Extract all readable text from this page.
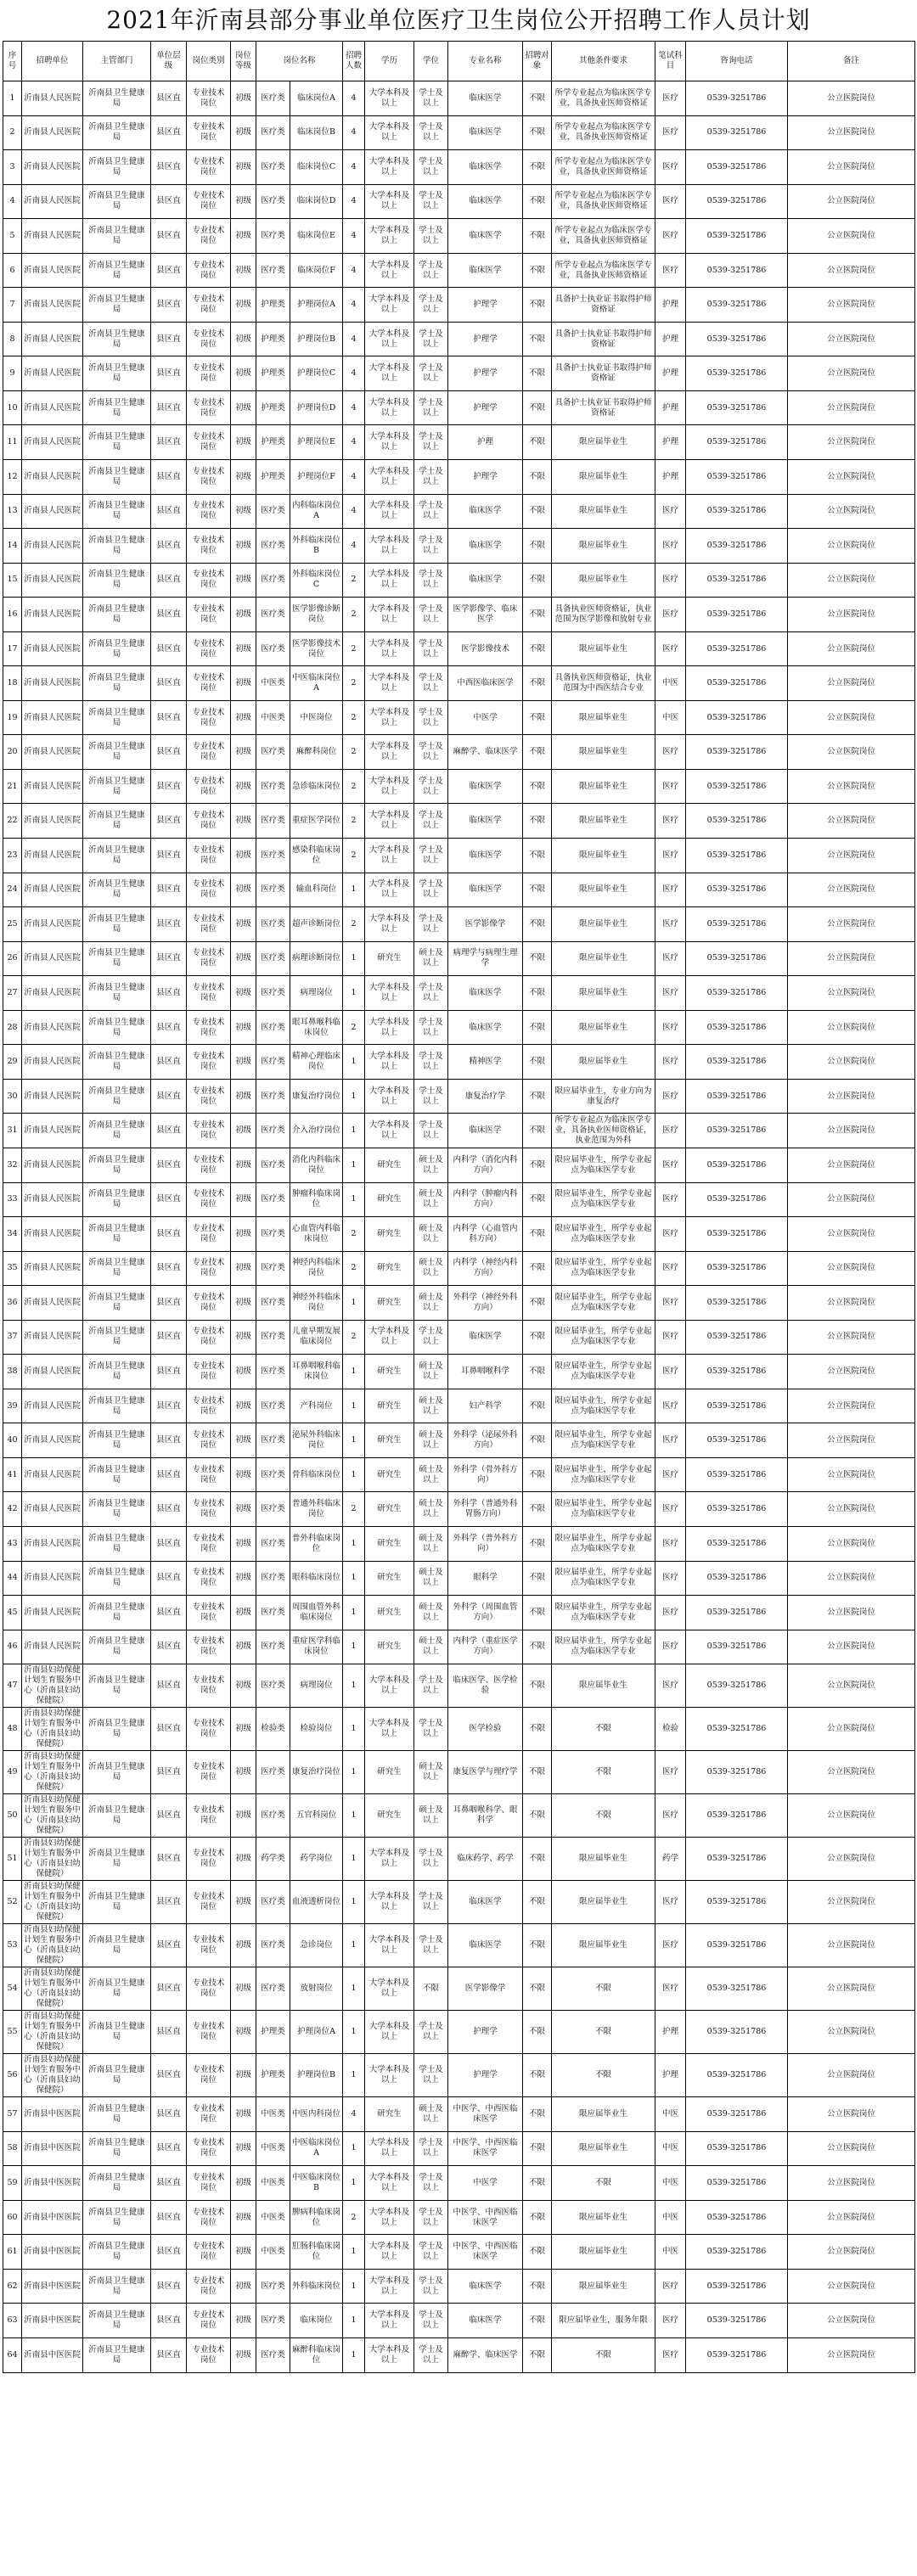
2021年沂南县部分事业单位医疗卫生岗位公开招聘工作人员计划
序号	招聘单位	主管部门	单位层级	岗位类别	岗位等级	岗位名称		招聘人数	学历	学位	专业名称	招聘对象	其他条件要求	笔试科目	咨询电话	备注
1	沂南县人民医院	沂南县卫生健康局	县区直	专业技术岗位	初级	医疗类	临床岗位A	4	大学本科及以上	学士及以上	临床医学	不限	所学专业起点为临床医学专业，具备执业医师资格证	医疗	0539-3251786	公立医院岗位
2	沂南县人民医院	沂南县卫生健康局	县区直	专业技术岗位	初级	医疗类	临床岗位B	4	大学本科及以上	学士及以上	临床医学	不限	所学专业起点为临床医学专业，具备执业医师资格证	医疗	0539-3251786	公立医院岗位
3	沂南县人民医院	沂南县卫生健康局	县区直	专业技术岗位	初级	医疗类	临床岗位C	4	大学本科及以上	学士及以上	临床医学	不限	所学专业起点为临床医学专业，具备执业医师资格证	医疗	0539-3251786	公立医院岗位
4	沂南县人民医院	沂南县卫生健康局	县区直	专业技术岗位	初级	医疗类	临床岗位D	4	大学本科及以上	学士及以上	临床医学	不限	所学专业起点为临床医学专业，具备执业医师资格证	医疗	0539-3251786	公立医院岗位
5	沂南县人民医院	沂南县卫生健康局	县区直	专业技术岗位	初级	医疗类	临床岗位E	4	大学本科及以上	学士及以上	临床医学	不限	所学专业起点为临床医学专业，具备执业医师资格证	医疗	0539-3251786	公立医院岗位
6	沂南县人民医院	沂南县卫生健康局	县区直	专业技术岗位	初级	医疗类	临床岗位F	4	大学本科及以上	学士及以上	临床医学	不限	所学专业起点为临床医学专业，具备执业医师资格证	医疗	0539-3251786	公立医院岗位
7	沂南县人民医院	沂南县卫生健康局	县区直	专业技术岗位	初级	护理类	护理岗位A	4	大学本科及以上	学士及以上	护理学	不限	具备护士执业证书取得护师资格证	护理	0539-3251786	公立医院岗位
8	沂南县人民医院	沂南县卫生健康局	县区直	专业技术岗位	初级	护理类	护理岗位B	4	大学本科及以上	学士及以上	护理学	不限	具备护士执业证书取得护师资格证	护理	0539-3251786	公立医院岗位
9	沂南县人民医院	沂南县卫生健康局	县区直	专业技术岗位	初级	护理类	护理岗位C	4	大学本科及以上	学士及以上	护理学	不限	具备护士执业证书取得护师资格证	护理	0539-3251786	公立医院岗位
10	沂南县人民医院	沂南县卫生健康局	县区直	专业技术岗位	初级	护理类	护理岗位D	4	大学本科及以上	学士及以上	护理学	不限	具备护士执业证书取得护师资格证	护理	0539-3251786	公立医院岗位
11	沂南县人民医院	沂南县卫生健康局	县区直	专业技术岗位	初级	护理类	护理岗位E	4	大学本科及以上	学士及以上	护理	不限	限应届毕业生	护理	0539-3251786	公立医院岗位
12	沂南县人民医院	沂南县卫生健康局	县区直	专业技术岗位	初级	护理类	护理岗位F	4	大学本科及以上	学士及以上	护理学	不限	限应届毕业生	护理	0539-3251786	公立医院岗位
13	沂南县人民医院	沂南县卫生健康局	县区直	专业技术岗位	初级	医疗类	内科临床岗位A	4	大学本科及以上	学士及以上	临床医学	不限	限应届毕业生	医疗	0539-3251786	公立医院岗位
14	沂南县人民医院	沂南县卫生健康局	县区直	专业技术岗位	初级	医疗类	外科临床岗位B	4	大学本科及以上	学士及以上	临床医学	不限	限应届毕业生	医疗	0539-3251786	公立医院岗位
15	沂南县人民医院	沂南县卫生健康局	县区直	专业技术岗位	初级	医疗类	外科临床岗位C	2	大学本科及以上	学士及以上	临床医学	不限	限应届毕业生	医疗	0539-3251786	公立医院岗位
16	沂南县人民医院	沂南县卫生健康局	县区直	专业技术岗位	初级	医疗类	医学影像诊断岗位	2	大学本科及以上	学士及以上	医学影像学、临床医学	不限	具备执业医师资格证，执业范围为医学影像和放射专业	医疗	0539-3251786	公立医院岗位
17	沂南县人民医院	沂南县卫生健康局	县区直	专业技术岗位	初级	医疗类	医学影像技术岗位	2	大学本科及以上	学士及以上	医学影像技术	不限	限应届毕业生	医疗	0539-3251786	公立医院岗位
18	沂南县人民医院	沂南县卫生健康局	县区直	专业技术岗位	初级	中医类	中医临床岗位A	2	大学本科及以上	学士及以上	中西医临床医学	不限	具备执业医师资格证，执业范围为中西医结合专业	中医	0539-3251786	公立医院岗位
19	沂南县人民医院	沂南县卫生健康局	县区直	专业技术岗位	初级	中医类	中医岗位	2	大学本科及以上	学士及以上	中医学	不限	限应届毕业生	中医	0539-3251786	公立医院岗位
20	沂南县人民医院	沂南县卫生健康局	县区直	专业技术岗位	初级	医疗类	麻醉科岗位	2	大学本科及以上	学士及以上	麻醉学、临床医学	不限	限应届毕业生	医疗	0539-3251786	公立医院岗位
21	沂南县人民医院	沂南县卫生健康局	县区直	专业技术岗位	初级	医疗类	急诊临床岗位	2	大学本科及以上	学士及以上	临床医学	不限	限应届毕业生	医疗	0539-3251786	公立医院岗位
22	沂南县人民医院	沂南县卫生健康局	县区直	专业技术岗位	初级	医疗类	重症医学岗位	2	大学本科及以上	学士及以上	临床医学	不限	限应届毕业生	医疗	0539-3251786	公立医院岗位
23	沂南县人民医院	沂南县卫生健康局	县区直	专业技术岗位	初级	医疗类	感染科临床岗位	2	大学本科及以上	学士及以上	临床医学	不限	限应届毕业生	医疗	0539-3251786	公立医院岗位
24	沂南县人民医院	沂南县卫生健康局	县区直	专业技术岗位	初级	医疗类	输血科岗位	1	大学本科及以上	学士及以上	临床医学	不限	限应届毕业生	医疗	0539-3251786	公立医院岗位
25	沂南县人民医院	沂南县卫生健康局	县区直	专业技术岗位	初级	医疗类	超声诊断岗位	2	大学本科及以上	学士及以上	医学影像学	不限	限应届毕业生	医疗	0539-3251786	公立医院岗位
26	沂南县人民医院	沂南县卫生健康局	县区直	专业技术岗位	初级	医疗类	病理诊断岗位	1	研究生	硕士及以上	病理学与病理生理学	不限	限应届毕业生	医疗	0539-3251786	公立医院岗位
27	沂南县人民医院	沂南县卫生健康局	县区直	专业技术岗位	初级	医疗类	病理岗位	1	大学本科及以上	学士及以上	临床医学	不限	限应届毕业生	医疗	0539-3251786	公立医院岗位
28	沂南县人民医院	沂南县卫生健康局	县区直	专业技术岗位	初级	医疗类	眼耳鼻喉科临床岗位	2	大学本科及以上	学士及以上	临床医学	不限	限应届毕业生	医疗	0539-3251786	公立医院岗位
29	沂南县人民医院	沂南县卫生健康局	县区直	专业技术岗位	初级	医疗类	精神心理临床岗位	1	大学本科及以上	学士及以上	精神医学	不限	限应届毕业生	医疗	0539-3251786	公立医院岗位
30	沂南县人民医院	沂南县卫生健康局	县区直	专业技术岗位	初级	医疗类	康复治疗岗位	1	大学本科及以上	学士及以上	康复治疗学	不限	限应届毕业生，专业方向为康复治疗	医疗	0539-3251786	公立医院岗位
31	沂南县人民医院	沂南县卫生健康局	县区直	专业技术岗位	初级	医疗类	介入治疗岗位	1	大学本科及以上	学士及以上	临床医学	不限	所学专业起点为临床医学专业，具备执业医师资格证，执业范围为外科	医疗	0539-3251786	公立医院岗位
32	沂南县人民医院	沂南县卫生健康局	县区直	专业技术岗位	初级	医疗类	消化内科临床岗位	1	研究生	硕士及以上	内科学（消化内科方向）	不限	限应届毕业生，所学专业起点为临床医学专业	医疗	0539-3251786	公立医院岗位
33	沂南县人民医院	沂南县卫生健康局	县区直	专业技术岗位	初级	医疗类	肿瘤科临床岗位	1	研究生	硕士及以上	内科学（肿瘤内科方向）	不限	限应届毕业生，所学专业起点为临床医学专业	医疗	0539-3251786	公立医院岗位
34	沂南县人民医院	沂南县卫生健康局	县区直	专业技术岗位	初级	医疗类	心血管内科临床岗位	2	研究生	硕士及以上	内科学（心血管内科方向）	不限	限应届毕业生，所学专业起点为临床医学专业	医疗	0539-3251786	公立医院岗位
35	沂南县人民医院	沂南县卫生健康局	县区直	专业技术岗位	初级	医疗类	神经内科临床岗位	2	研究生	硕士及以上	内科学（神经内科方向）	不限	限应届毕业生，所学专业起点为临床医学专业	医疗	0539-3251786	公立医院岗位
36	沂南县人民医院	沂南县卫生健康局	县区直	专业技术岗位	初级	医疗类	神经外科临床岗位	1	研究生	硕士及以上	外科学（神经外科方向）	不限	限应届毕业生，所学专业起点为临床医学专业	医疗	0539-3251786	公立医院岗位
37	沂南县人民医院	沂南县卫生健康局	县区直	专业技术岗位	初级	医疗类	儿童早期发展临床岗位	2	大学本科及以上	学士及以上	临床医学	不限	限应届毕业生，所学专业起点为临床医学专业	医疗	0539-3251786	公立医院岗位
38	沂南县人民医院	沂南县卫生健康局	县区直	专业技术岗位	初级	医疗类	耳鼻咽喉科临床岗位	1	研究生	硕士及以上	耳鼻咽喉科学	不限	限应届毕业生，所学专业起点为临床医学专业	医疗	0539-3251786	公立医院岗位
39	沂南县人民医院	沂南县卫生健康局	县区直	专业技术岗位	初级	医疗类	产科岗位	1	研究生	硕士及以上	妇产科学	不限	限应届毕业生，所学专业起点为临床医学专业	医疗	0539-3251786	公立医院岗位
40	沂南县人民医院	沂南县卫生健康局	县区直	专业技术岗位	初级	医疗类	泌尿外科临床岗位	1	研究生	硕士及以上	外科学（泌尿外科方向）	不限	限应届毕业生，所学专业起点为临床医学专业	医疗	0539-3251786	公立医院岗位
41	沂南县人民医院	沂南县卫生健康局	县区直	专业技术岗位	初级	医疗类	骨科临床岗位	1	研究生	硕士及以上	外科学（骨外科方向）	不限	限应届毕业生，所学专业起点为临床医学专业	医疗	0539-3251786	公立医院岗位
42	沂南县人民医院	沂南县卫生健康局	县区直	专业技术岗位	初级	医疗类	普通外科临床岗位	2	研究生	硕士及以上	外科学（普通外科胃肠方向）	不限	限应届毕业生，所学专业起点为临床医学专业	医疗	0539-3251786	公立医院岗位
43	沂南县人民医院	沂南县卫生健康局	县区直	专业技术岗位	初级	医疗类	普外科临床岗位	1	研究生	硕士及以上	外科学（普外科方向）	不限	限应届毕业生，所学专业起点为临床医学专业	医疗	0539-3251786	公立医院岗位
44	沂南县人民医院	沂南县卫生健康局	县区直	专业技术岗位	初级	医疗类	眼科临床岗位	1	研究生	硕士及以上	眼科学	不限	限应届毕业生，所学专业起点为临床医学专业	医疗	0539-3251786	公立医院岗位
45	沂南县人民医院	沂南县卫生健康局	县区直	专业技术岗位	初级	医疗类	周围血管外科临床岗位	1	研究生	硕士及以上	外科学（周围血管方向）	不限	限应届毕业生，所学专业起点为临床医学专业	医疗	0539-3251786	公立医院岗位
46	沂南县人民医院	沂南县卫生健康局	县区直	专业技术岗位	初级	医疗类	重症医学科临床岗位	1	研究生	硕士及以上	内科学（重症医学方向）	不限	限应届毕业生，所学专业起点为临床医学专业	医疗	0539-3251786	公立医院岗位
47	沂南县妇幼保健计划生育服务中心（沂南县妇幼保健院）	沂南县卫生健康局	县区直	专业技术岗位	初级	医疗类	病理岗位	1	大学本科及以上	学士及以上	临床医学、医学检验	不限	限应届毕业生	医疗	0539-3251786	公立医院岗位
48	沂南县妇幼保健计划生育服务中心（沂南县妇幼保健院）	沂南县卫生健康局	县区直	专业技术岗位	初级	检验类	检验岗位	1	大学本科及以上	学士及以上	医学检验	不限	不限	检验	0539-3251786	公立医院岗位
49	沂南县妇幼保健计划生育服务中心（沂南县妇幼保健院）	沂南县卫生健康局	县区直	专业技术岗位	初级	医疗类	康复治疗岗位	1	研究生	硕士及以上	康复医学与理疗学	不限	不限	医疗	0539-3251786	公立医院岗位
50	沂南县妇幼保健计划生育服务中心（沂南县妇幼保健院）	沂南县卫生健康局	县区直	专业技术岗位	初级	医疗类	五官科岗位	1	研究生	硕士及以上	耳鼻咽喉科学、眼科学	不限	不限	医疗	0539-3251786	公立医院岗位
51	沂南县妇幼保健计划生育服务中心（沂南县妇幼保健院）	沂南县卫生健康局	县区直	专业技术岗位	初级	药学类	药学岗位	1	大学本科及以上	学士及以上	临床药学、药学	不限	限应届毕业生	药学	0539-3251786	公立医院岗位
52	沂南县妇幼保健计划生育服务中心（沂南县妇幼保健院）	沂南县卫生健康局	县区直	专业技术岗位	初级	医疗类	血液透析岗位	1	大学本科及以上	学士及以上	临床医学	不限	限应届毕业生	医疗	0539-3251786	公立医院岗位
53	沂南县妇幼保健计划生育服务中心（沂南县妇幼保健院）	沂南县卫生健康局	县区直	专业技术岗位	初级	医疗类	急诊岗位	1	大学本科及以上	学士及以上	临床医学	不限	限应届毕业生	医疗	0539-3251786	公立医院岗位
54	沂南县妇幼保健计划生育服务中心（沂南县妇幼保健院）	沂南县卫生健康局	县区直	专业技术岗位	初级	医疗类	放射岗位	1	大学本科及以上	不限	医学影像学	不限	不限	医疗	0539-3251786	公立医院岗位
55	沂南县妇幼保健计划生育服务中心（沂南县妇幼保健院）	沂南县卫生健康局	县区直	专业技术岗位	初级	护理类	护理岗位A	1	大学本科及以上	学士及以上	护理学	不限	不限	护理	0539-3251786	公立医院岗位
56	沂南县妇幼保健计划生育服务中心（沂南县妇幼保健院）	沂南县卫生健康局	县区直	专业技术岗位	初级	护理类	护理岗位B	1	大学本科及以上	学士及以上	护理学	不限	不限	护理	0539-3251786	公立医院岗位
57	沂南县中医医院	沂南县卫生健康局	县区直	专业技术岗位	初级	中医类	中医内科岗位	4	研究生	硕士及以上	中医学、中西医临床医学	不限	限应届毕业生	中医	0539-3251786	公立医院岗位
58	沂南县中医医院	沂南县卫生健康局	县区直	专业技术岗位	初级	中医类	中医临床岗位A	1	大学本科及以上	学士及以上	中医学、中西医临床医学	不限	限应届毕业生	中医	0539-3251786	公立医院岗位
59	沂南县中医医院	沂南县卫生健康局	县区直	专业技术岗位	初级	中医类	中医临床岗位B	1	大学本科及以上	学士及以上	中医学	不限	不限	中医	0539-3251786	公立医院岗位
60	沂南县中医医院	沂南县卫生健康局	县区直	专业技术岗位	初级	中医类	脾病科临床岗位	2	大学本科及以上	学士及以上	中医学、中西医临床医学	不限	限应届毕业生	中医	0539-3251786	公立医院岗位
61	沂南县中医医院	沂南县卫生健康局	县区直	专业技术岗位	初级	中医类	肛肠科临床岗位	1	大学本科及以上	学士及以上	中医学、中西医临床医学	不限	限应届毕业生	中医	0539-3251786	公立医院岗位
62	沂南县中医医院	沂南县卫生健康局	县区直	专业技术岗位	初级	医疗类	外科临床岗位	1	大学本科及以上	学士及以上	临床医学	不限	限应届毕业生	医疗	0539-3251786	公立医院岗位
63	沂南县中医医院	沂南县卫生健康局	县区直	专业技术岗位	初级	医疗类	临床岗位	1	大学本科及以上	学士及以上	临床医学	不限	限应届毕业生，服务年限	医疗	0539-3251786	公立医院岗位
64	沂南县中医医院	沂南县卫生健康局	县区直	专业技术岗位	初级	医疗类	麻醉科临床岗位	1	大学本科及以上	学士及以上	麻醉学、临床医学	不限	不限	医疗	0539-3251786	公立医院岗位
